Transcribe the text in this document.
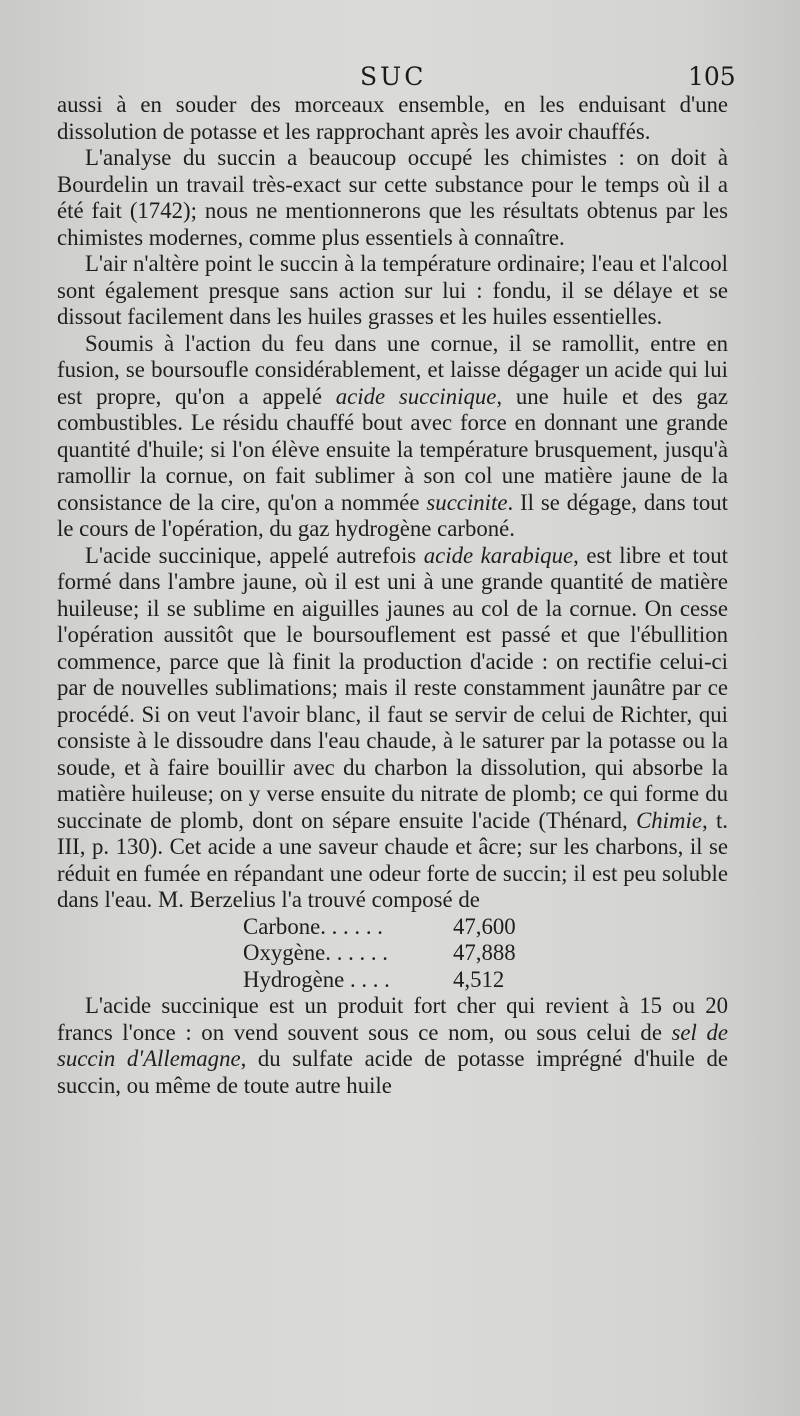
SUC	105

aussi à en souder des morceaux ensemble, en les enduisant d'une dissolution de potasse et les rapprochant après les avoir chauffés.

L'analyse du succin a beaucoup occupé les chimistes : on doit à Bourdelin un travail très-exact sur cette substance pour le temps où il a été fait (1742); nous ne mentionnerons que les résultats obtenus par les chimistes modernes, comme plus essentiels à connaître.

L'air n'altère point le succin à la température ordinaire; l'eau et l'alcool sont également presque sans action sur lui : fondu, il se délaye et se dissout facilement dans les huiles grasses et les huiles essentielles.

Soumis à l'action du feu dans une cornue, il se ramollit, entre en fusion, se boursoufle considérablement, et laisse dégager un acide qui lui est propre, qu'on a appelé acide succinique, une huile et des gaz combustibles. Le résidu chauffé bout avec force en donnant une grande quantité d'huile; si l'on élève ensuite la température brusquement, jusqu'à ramollir la cornue, on fait sublimer à son col une matière jaune de la consistance de la cire, qu'on a nommée succinite. Il se dégage, dans tout le cours de l'opération, du gaz hydrogène carboné.

L'acide succinique, appelé autrefois acide karabique, est libre et tout formé dans l'ambre jaune, où il est uni à une grande quantité de matière huileuse; il se sublime en aiguilles jaunes au col de la cornue. On cesse l'opération aussitôt que le boursouflement est passé et que l'ébullition commence, parce que là finit la production d'acide : on rectifie celui-ci par de nouvelles sublimations; mais il reste constamment jaunâtre par ce procédé. Si on veut l'avoir blanc, il faut se servir de celui de Richter, qui consiste à le dissoudre dans l'eau chaude, à le saturer par la potasse ou la soude, et à faire bouillir avec du charbon la dissolution, qui absorbe la matière huileuse; on y verse ensuite du nitrate de plomb; ce qui forme du succinate de plomb, dont on sépare ensuite l'acide (Thénard, Chimie, t. III, p. 130). Cet acide a une saveur chaude et âcre; sur les charbons, il se réduit en fumée en répandant une odeur forte de succin; il est peu soluble dans l'eau. M. Berzelius l'a trouvé composé de

Carbone. . . . . .	47,600
Oxygène. . . . . .	47,888
Hydrogène . . . .	4,512

L'acide succinique est un produit fort cher qui revient à 15 ou 20 francs l'once : on vend souvent sous ce nom, ou sous celui de sel de succin d'Allemagne, du sulfate acide de potasse imprégné d'huile de succin, ou même de toute autre huile
